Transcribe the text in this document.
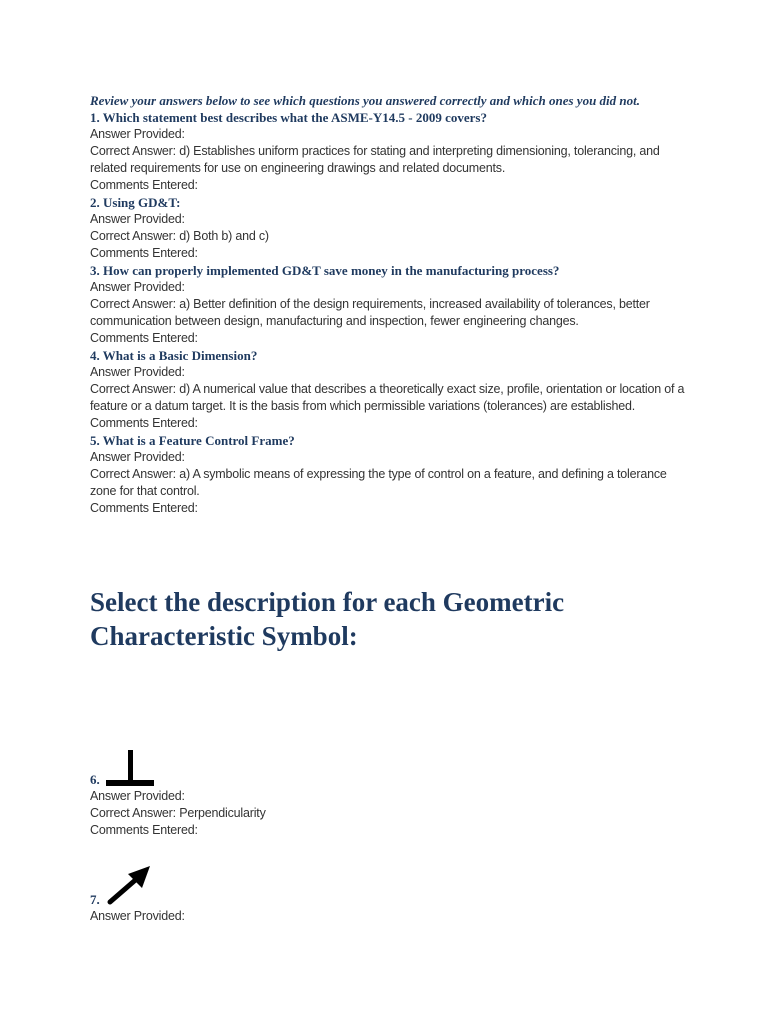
Review your answers below to see which questions you answered correctly and which ones you did not.

1. Which statement best describes what the ASME-Y14.5 - 2009 covers?

Answer Provided:

Correct Answer: d) Establishes uniform practices for stating and interpreting dimensioning, tolerancing, and related requirements for use on engineering drawings and related documents.

Comments Entered:

2. Using GD&T:

Answer Provided:

Correct Answer: d) Both b) and c)

Comments Entered:

3. How can properly implemented GD&T save money in the manufacturing process?

Answer Provided:

Correct Answer: a) Better definition of the design requirements, increased availability of tolerances, better communication between design, manufacturing and inspection, fewer engineering changes.

Comments Entered:

4. What is a Basic Dimension?

Answer Provided:

Correct Answer: d) A numerical value that describes a theoretically exact size, profile, orientation or location of a feature or a datum target. It is the basis from which permissible variations (tolerances) are established.

Comments Entered:

5. What is a Feature Control Frame?

Answer Provided:

Correct Answer: a) A symbolic means of expressing the type of control on a feature, and defining a tolerance zone for that control.

Comments Entered:

Select the description for each Geometric Characteristic Symbol:
6.

Answer Provided:

Correct Answer: Perpendicularity

Comments Entered:

7.

Answer Provided:
